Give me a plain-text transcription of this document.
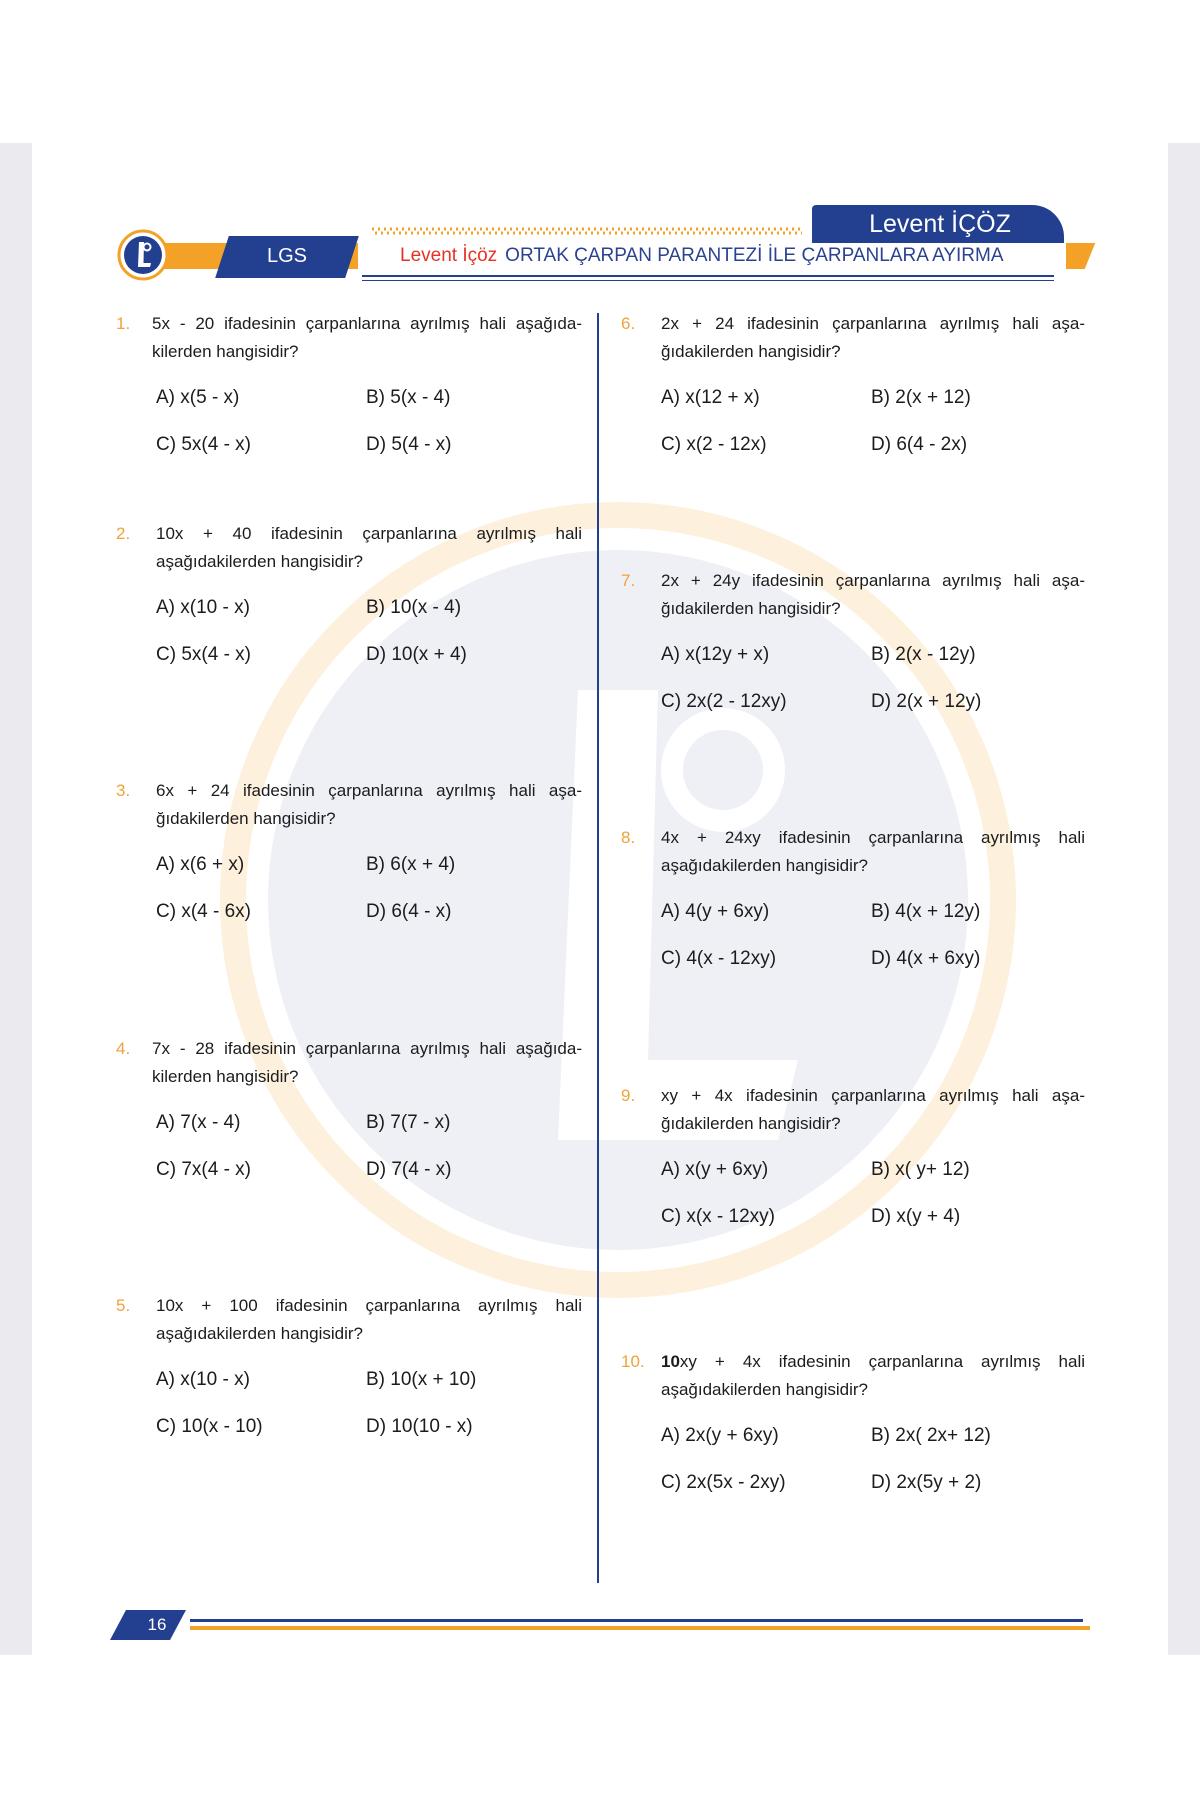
LGS	Levent İçöz ORTAK ÇARPAN PARANTEZİ İLE ÇARPANLARA AYIRMA
Levent İÇÖZ
1. 5x - 20 ifadesinin çarpanlarına ayrılmış hali aşağıda-kilerden hangisidir?
A) x(5 - x)	B) 5(x - 4)
C) 5x(4 - x)	D) 5(4 - x)
2. 10x + 40 ifadesinin çarpanlarına ayrılmış hali aşağıdakilerden hangisidir?
A) x(10 - x)	B) 10(x - 4)
C) 5x(4 - x)	D) 10(x + 4)
3. 6x + 24 ifadesinin çarpanlarına ayrılmış hali aşa-ğıdakilerden hangisidir?
A) x(6 + x)	B) 6(x + 4)
C) x(4 - 6x)	D) 6(4 - x)
4. 7x - 28 ifadesinin çarpanlarına ayrılmış hali aşağıda-kilerden hangisidir?
A) 7(x - 4)	B) 7(7 - x)
C) 7x(4 - x)	D) 7(4 - x)
5. 10x + 100 ifadesinin çarpanlarına ayrılmış hali aşağıdakilerden hangisidir?
A) x(10 - x)	B) 10(x + 10)
C) 10(x - 10)	D) 10(10 - x)
6. 2x + 24 ifadesinin çarpanlarına ayrılmış hali aşa-ğıdakilerden hangisidir?
A) x(12 + x)	B) 2(x + 12)
C) x(2 - 12x)	D) 6(4 - 2x)
7. 2x + 24y ifadesinin çarpanlarına ayrılmış hali aşa-ğıdakilerden hangisidir?
A) x(12y + x)	B) 2(x - 12y)
C) 2x(2 - 12xy)	D) 2(x + 12y)
8. 4x + 24xy ifadesinin çarpanlarına ayrılmış hali aşağıdakilerden hangisidir?
A) 4(y + 6xy)	B) 4(x + 12y)
C) 4(x - 12xy)	D) 4(x + 6xy)
9. xy + 4x ifadesinin çarpanlarına ayrılmış hali aşa-ğıdakilerden hangisidir?
A) x(y + 6xy)	B) x( y+ 12)
C) x(x - 12xy)	D) x(y + 4)
10. 10xy + 4x ifadesinin çarpanlarına ayrılmış hali aşağıdakilerden hangisidir?
A) 2x(y + 6xy)	B) 2x( 2x+ 12)
C) 2x(5x - 2xy)	D) 2x(5y + 2)
16
